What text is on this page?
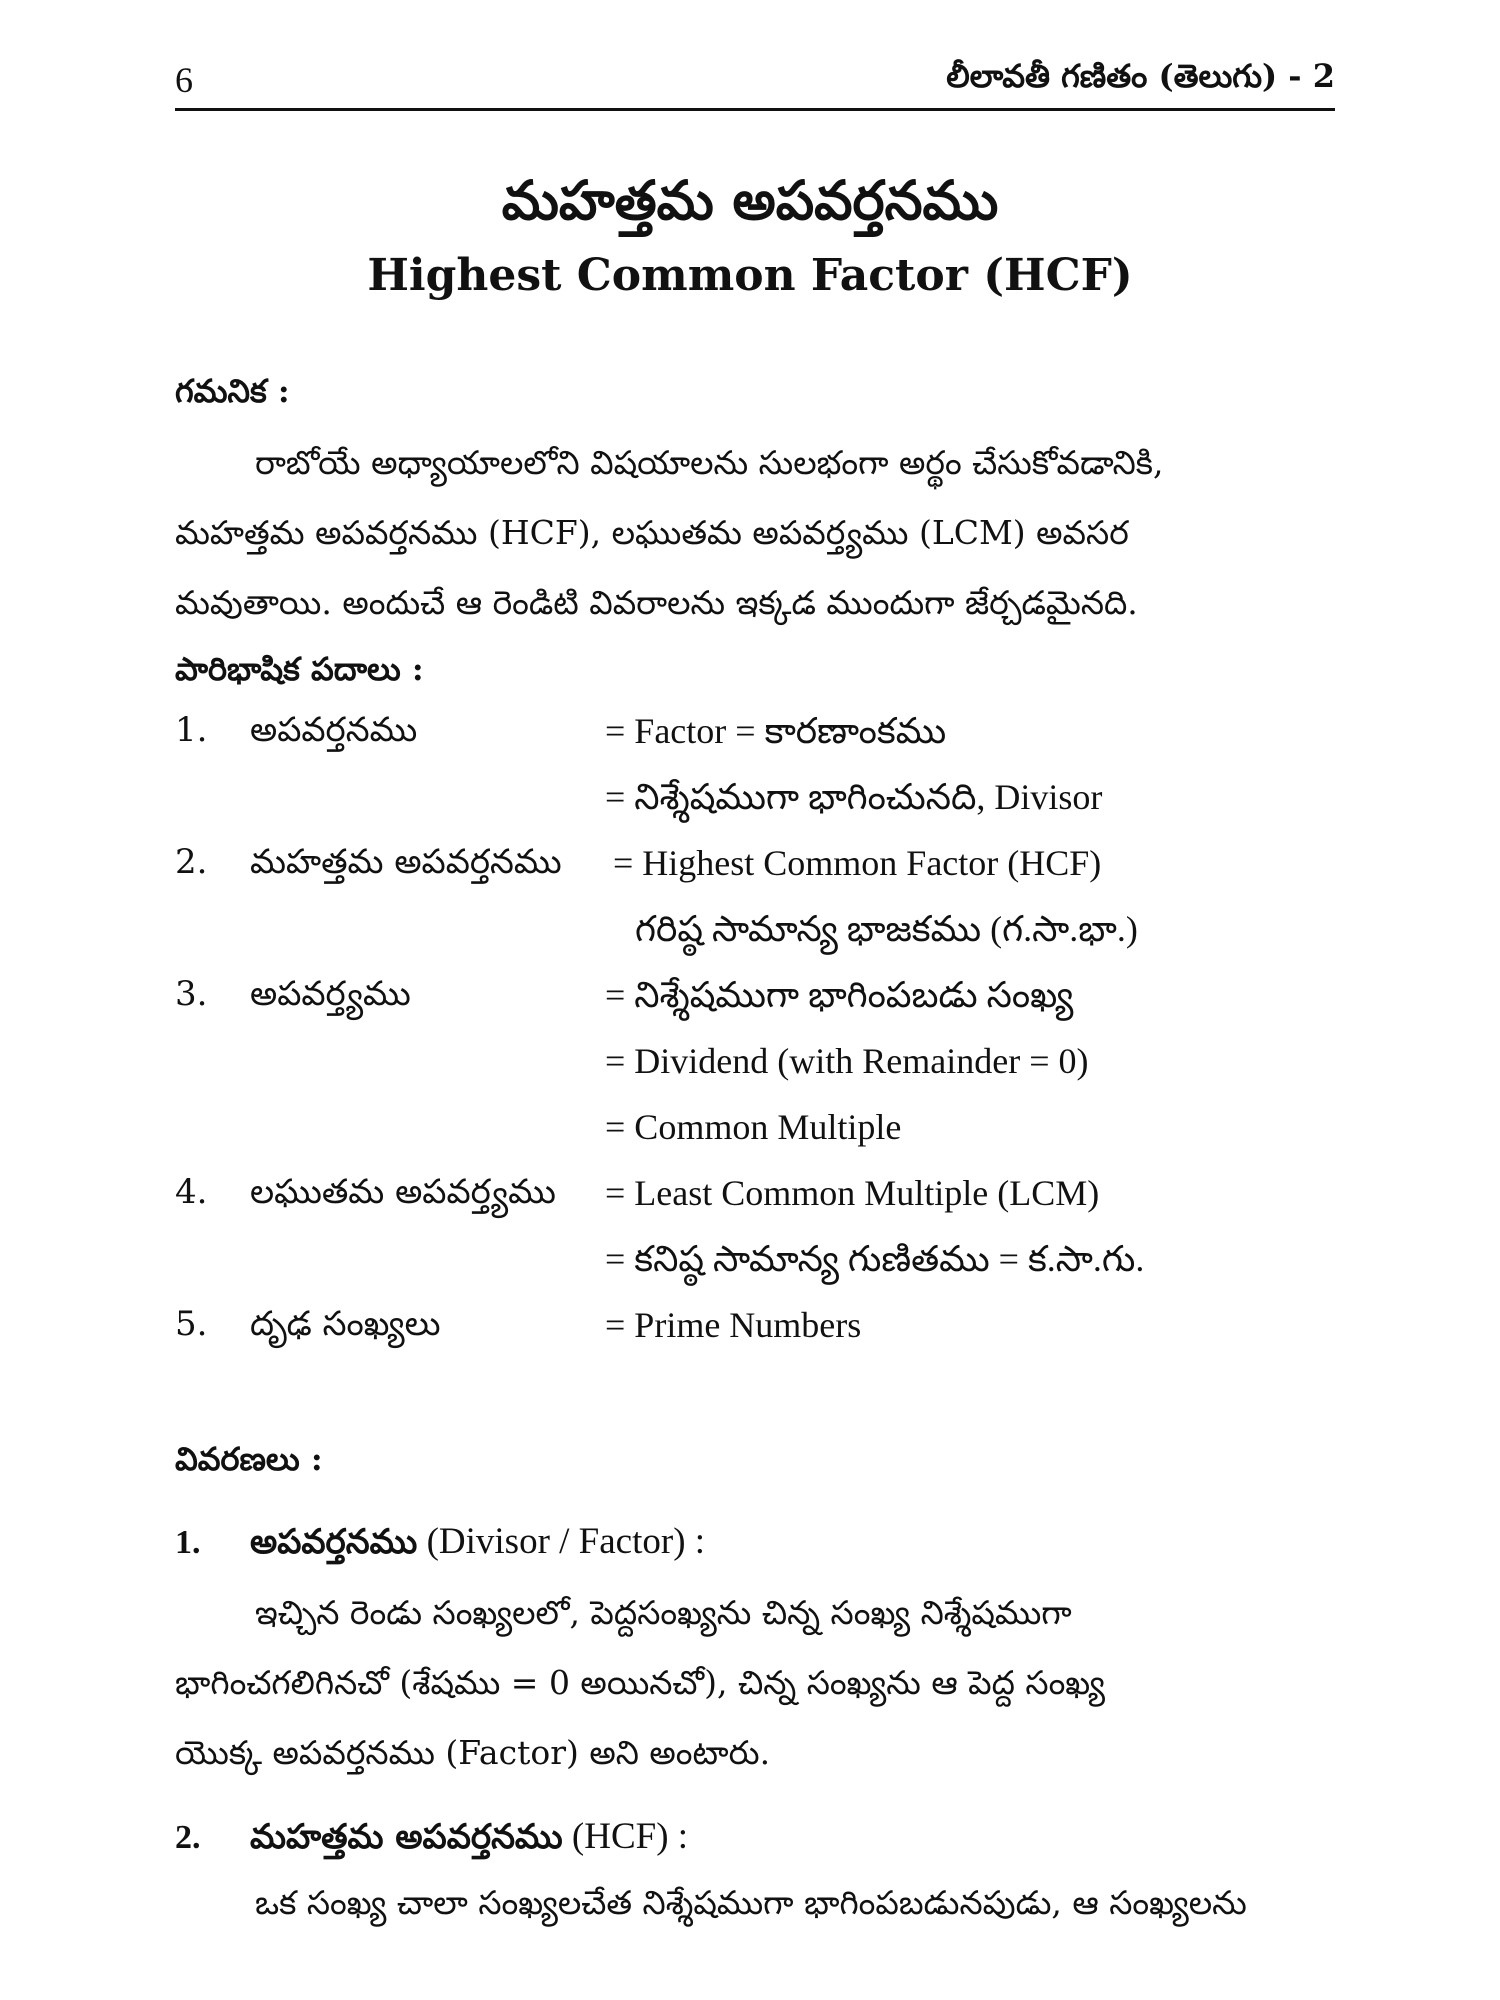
6	లీలావతీ గణితం (తెలుగు) - 2
మహత్తమ అపవర్తనము
Highest Common Factor (HCF)
గమనిక :
రాబోయే అధ్యాయాలలోని విషయాలను సులభంగా అర్థం చేసుకోవడానికి,
మహత్తమ అపవర్తనము (HCF), లఘుతమ అపవర్త్యము (LCM) అవసర
మవుతాయి. అందుచే ఆ రెండిటి వివరాలను ఇక్కడ ముందుగా జేర్చడమైనది.
పారిభాషిక పదాలు :
1. అపవర్తనము	= Factor = కారణాంకము
= నిశ్శేషముగా భాగించునది, Divisor
2. మహత్తమ అపవర్తనము = Highest Common Factor (HCF)
గరిష్ఠ సామాన్య భాజకము (గ.సా.భా.)
3. అపవర్త్యము	= నిశ్శేషముగా భాగింపబడు సంఖ్య
= Dividend (with Remainder = 0)
= Common Multiple
4. లఘుతమ అపవర్త్యము = Least Common Multiple (LCM)
= కనిష్ఠ సామాన్య గుణితము = క.సా.గు.
5. దృఢ సంఖ్యలు	= Prime Numbers
వివరణలు :
1. అపవర్తనము (Divisor / Factor) :
ఇచ్చిన రెండు సంఖ్యలలో, పెద్దసంఖ్యను చిన్న సంఖ్య నిశ్శేషముగా
భాగించగలిగినచో (శేషము = 0 అయినచో), చిన్న సంఖ్యను ఆ పెద్ద సంఖ్య
యొక్క అపవర్తనము (Factor) అని అంటారు.
2. మహత్తమ అపవర్తనము (HCF) :
ఒక సంఖ్య చాలా సంఖ్యలచేత నిశ్శేషముగా భాగింపబడునపుడు, ఆ సంఖ్యలను
